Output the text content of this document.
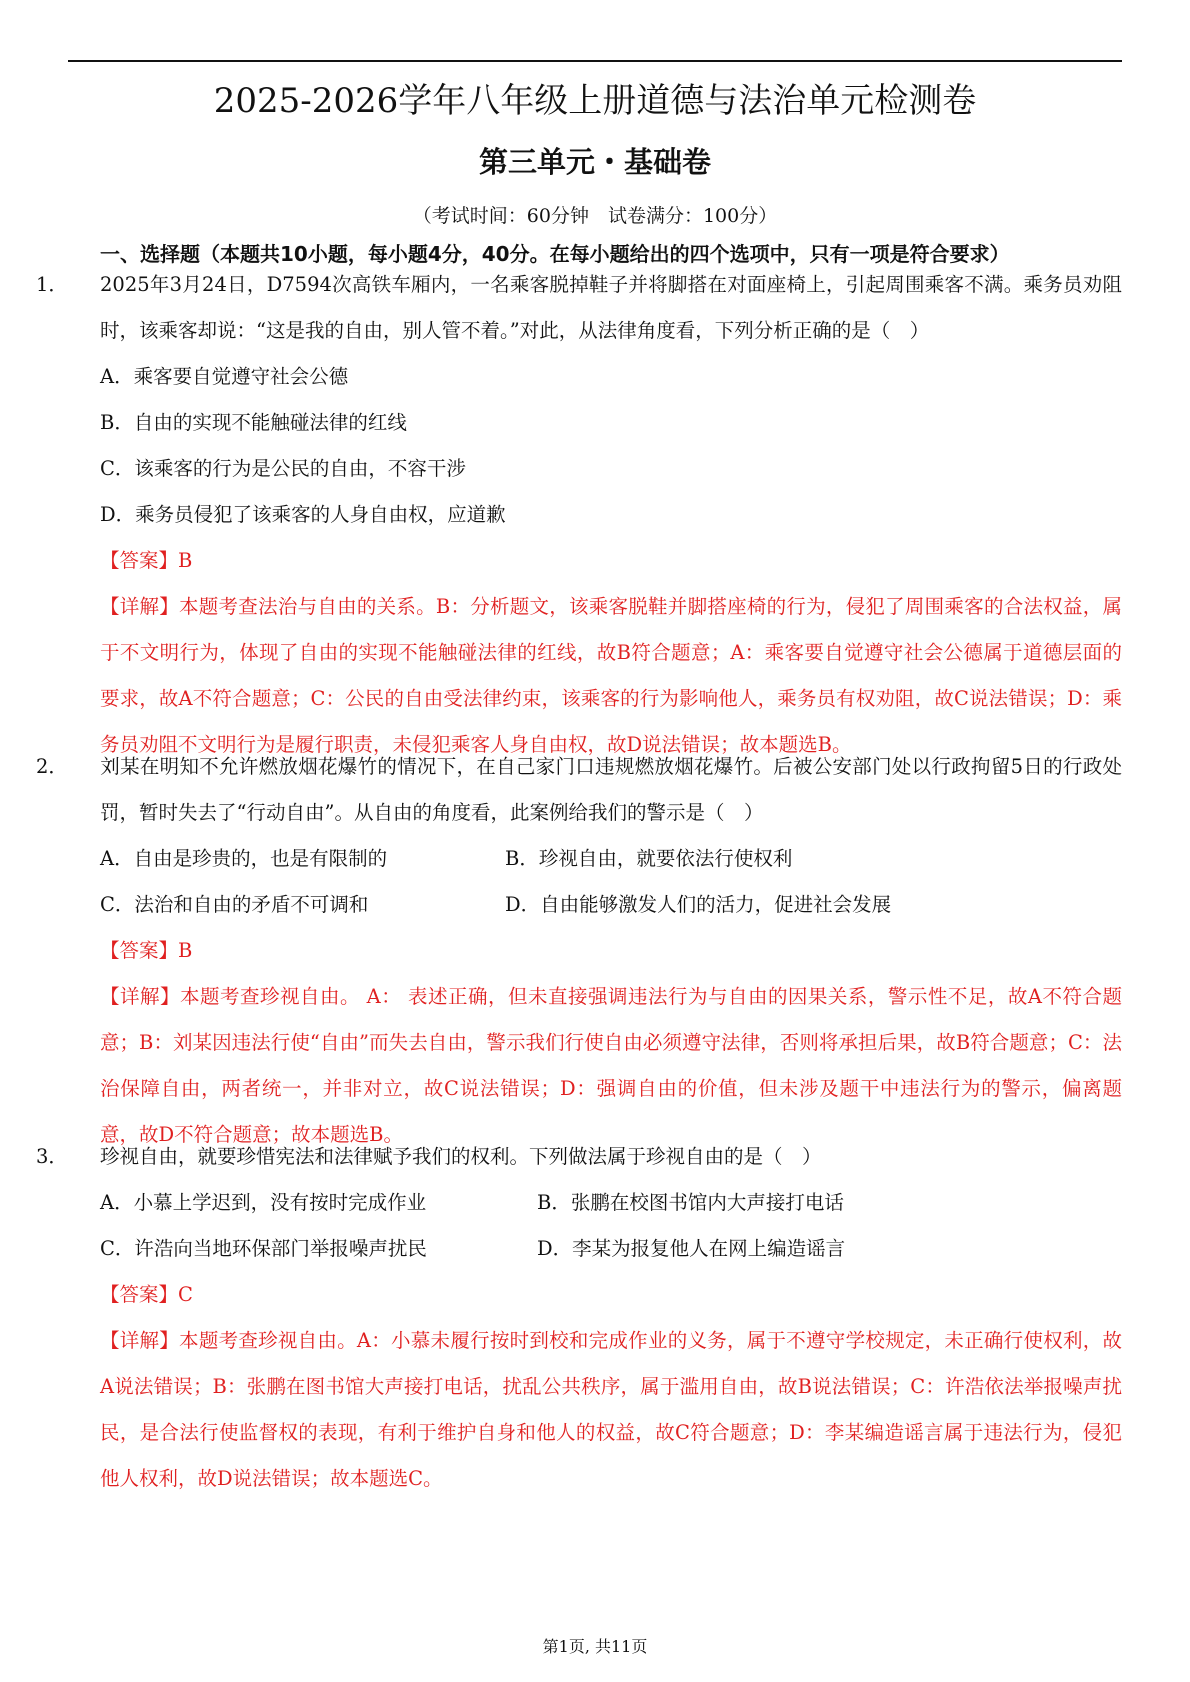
2025-2026学年八年级上册道德与法治单元检测卷
第三单元・基础卷
（考试时间：60分钟　试卷满分：100分）
一、选择题（本题共10小题，每小题4分，40分。在每小题给出的四个选项中，只有一项是符合要求）

1． 2025年3月24日，D7594次高铁车厢内，一名乘客脱掉鞋子并将脚搭在对面座椅上，引起周围乘客不满。乘务员劝阻时，该乘客却说：“这是我的自由，别人管不着。”对此，从法律角度看，下列分析正确的是（　）

A．乘客要自觉遵守社会公德
B．自由的实现不能触碰法律的红线
C．该乘客的行为是公民的自由，不容干涉
D．乘务员侵犯了该乘客的人身自由权，应道歉
【答案】B
【详解】本题考查法治与自由的关系。B：分析题文，该乘客脱鞋并脚搭座椅的行为，侵犯了周围乘客的合法权益，属于不文明行为，体现了自由的实现不能触碰法律的红线，故B符合题意；A：乘客要自觉遵守社会公德属于道德层面的要求，故A不符合题意；C：公民的自由受法律约束，该乘客的行为影响他人，乘务员有权劝阻，故C说法错误；D：乘务员劝阻不文明行为是履行职责，未侵犯乘客人身自由权，故D说法错误；故本题选B。

2． 刘某在明知不允许燃放烟花爆竹的情况下，在自己家门口违规燃放烟花爆竹。后被公安部门处以行政拘留5日的行政处罚，暂时失去了“行动自由”。从自由的角度看，此案例给我们的警示是（　）

A．自由是珍贵的，也是有限制的	B．珍视自由，就要依法行使权利
C．法治和自由的矛盾不可调和	D．自由能够激发人们的活力，促进社会发展
【答案】B
【详解】本题考查珍视自由。 A： 表述正确，但未直接强调违法行为与自由的因果关系，警示性不足，故A不符合题意；B：刘某因违法行使“自由”而失去自由，警示我们行使自由必须遵守法律，否则将承担后果，故B符合题意；C：法治保障自由，两者统一，并非对立，故C说法错误；D：强调自由的价值，但未涉及题干中违法行为的警示，偏离题意，故D不符合题意；故本题选B。

3． 珍视自由，就要珍惜宪法和法律赋予我们的权利。下列做法属于珍视自由的是（　）

A．小慕上学迟到，没有按时完成作业	B．张鹏在校图书馆内大声接打电话
C．许浩向当地环保部门举报噪声扰民	D．李某为报复他人在网上编造谣言
【答案】C
【详解】本题考查珍视自由。A：小慕未履行按时到校和完成作业的义务，属于不遵守学校规定，未正确行使权利，故A说法错误；B：张鹏在图书馆大声接打电话，扰乱公共秩序，属于滥用自由，故B说法错误；C：许浩依法举报噪声扰民，是合法行使监督权的表现，有利于维护自身和他人的权益，故C符合题意；D：李某编造谣言属于违法行为，侵犯他人权利，故D说法错误；故本题选C。
第1页, 共11页
